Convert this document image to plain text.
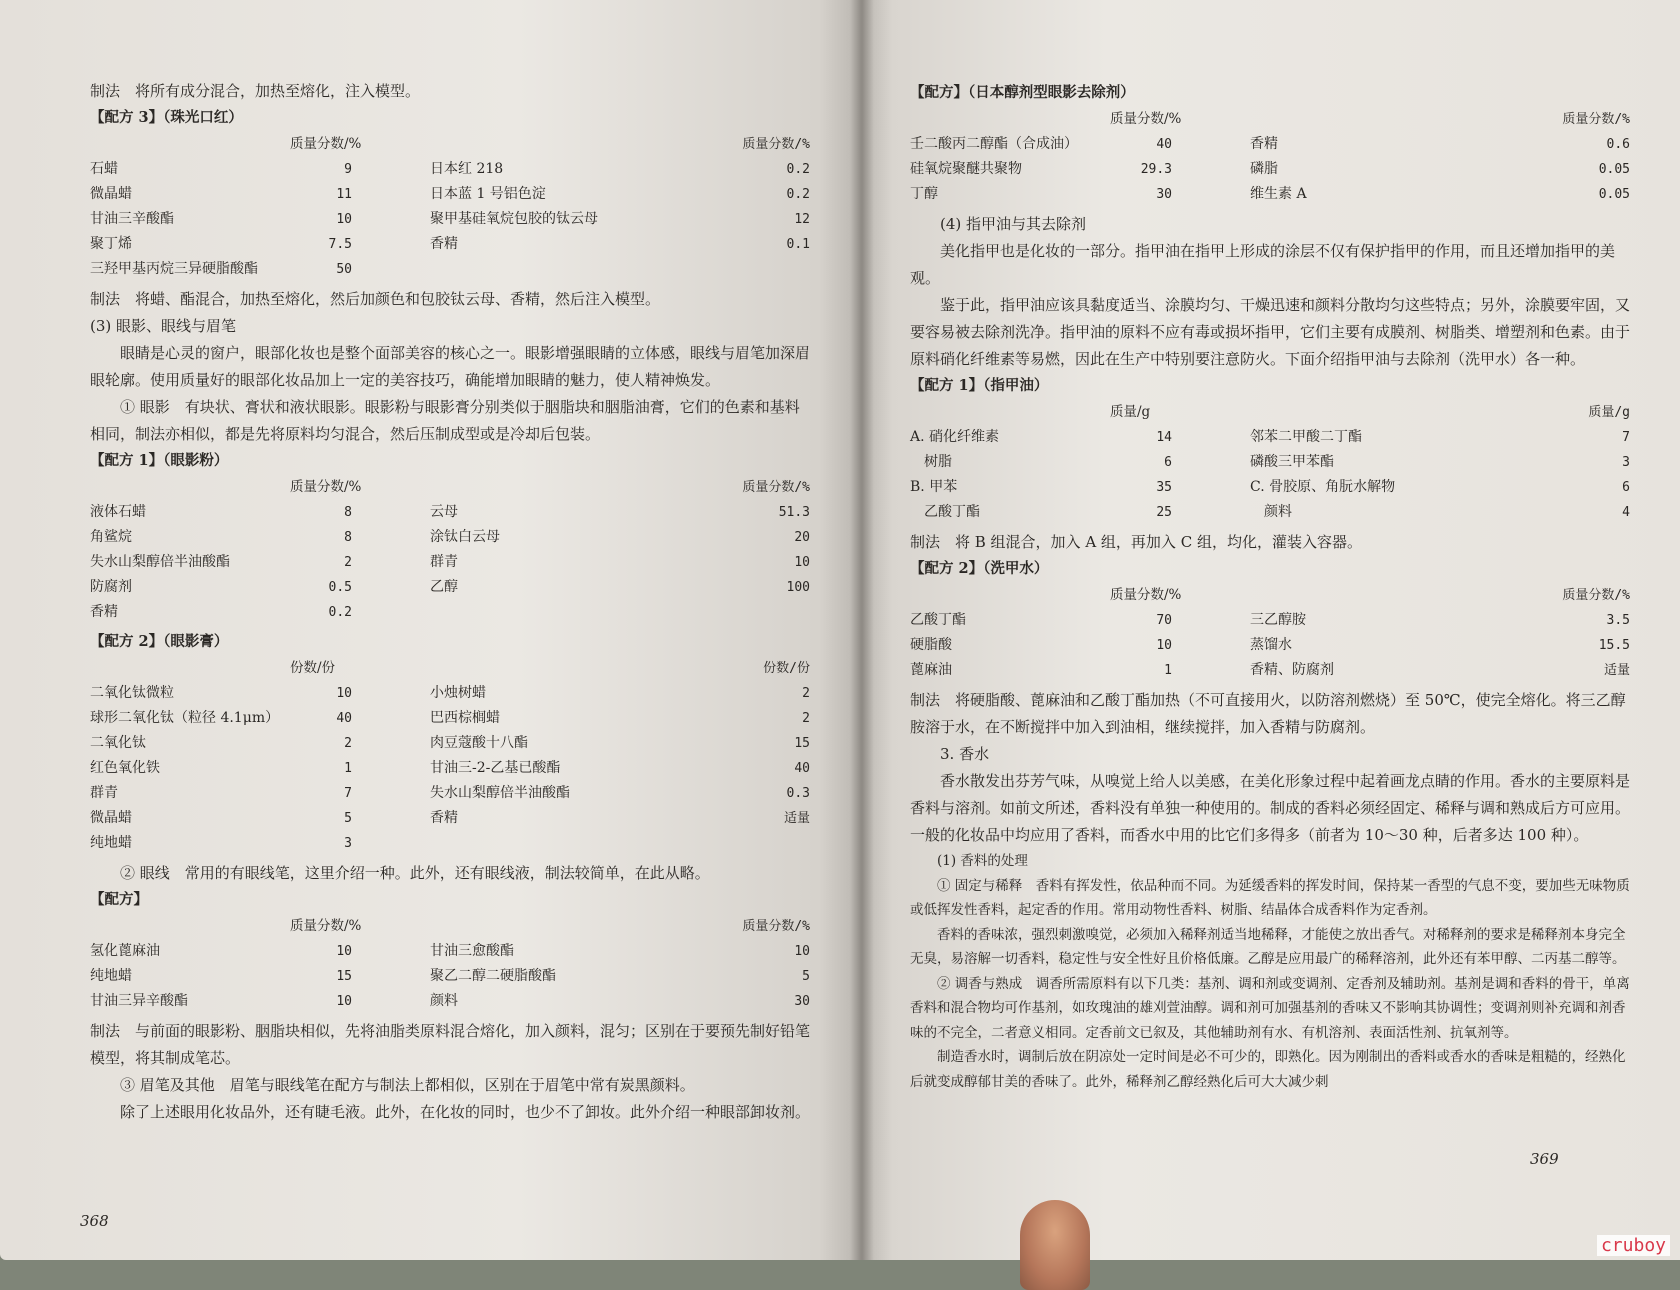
制法　将所有成分混合，加热至熔化，注入模型。

【配方 3】（珠光口红）

	质量分数/%		质量分数/%
石蜡	9	日本红 218	0.2
微晶蜡	11	日本蓝 1 号铝色淀	0.2
甘油三辛酸酯	10	聚甲基硅氧烷包胶的钛云母	12
聚丁烯	7.5	香精	0.1
三羟甲基丙烷三异硬脂酸酯	50		

制法　将蜡、酯混合，加热至熔化，然后加颜色和包胶钛云母、香精，然后注入模型。

(3) 眼影、眼线与眉笔

眼睛是心灵的窗户，眼部化妆也是整个面部美容的核心之一。眼影增强眼睛的立体感，眼线与眉笔加深眉眼轮廓。使用质量好的眼部化妆品加上一定的美容技巧，确能增加眼睛的魅力，使人精神焕发。

① 眼影　有块状、膏状和液状眼影。眼影粉与眼影膏分别类似于胭脂块和胭脂油膏，它们的色素和基料相同，制法亦相似，都是先将原料均匀混合，然后压制成型或是冷却后包装。

【配方 1】（眼影粉）

	质量分数/%		质量分数/%
液体石蜡	8	云母	51.3
角鲨烷	8	涂钛白云母	20
失水山梨醇倍半油酸酯	2	群青	10
防腐剂	0.5	乙醇	100
香精	0.2		

【配方 2】（眼影膏）

	份数/份		份数/份
二氧化钛微粒	10	小烛树蜡	2
球形二氧化钛（粒径 4.1μm）	40	巴西棕榈蜡	2
二氧化钛	2	肉豆蔻酸十八酯	15
红色氧化铁	1	甘油三-2-乙基已酸酯	40
群青	7	失水山梨醇倍半油酸酯	0.3
微晶蜡	5	香精	适量
纯地蜡	3		

② 眼线　常用的有眼线笔，这里介绍一种。此外，还有眼线液，制法较简单，在此从略。

【配方】

	质量分数/%		质量分数/%
氢化蓖麻油	10	甘油三愈酸酯	10
纯地蜡	15	聚乙二醇二硬脂酸酯	5
甘油三异辛酸酯	10	颜料	30

制法　与前面的眼影粉、胭脂块相似，先将油脂类原料混合熔化，加入颜料，混匀；区别在于要预先制好铅笔模型，将其制成笔芯。

③ 眉笔及其他　眉笔与眼线笔在配方与制法上都相似，区别在于眉笔中常有炭黑颜料。

除了上述眼用化妆品外，还有睫毛液。此外，在化妆的同时，也少不了卸妆。此外介绍一种眼部卸妆剂。

368

【配方】（日本醇剂型眼影去除剂）

	质量分数/%		质量分数/%
壬二酸丙二醇酯（合成油）	40	香精	0.6
硅氧烷聚醚共聚物	29.3	磷脂	0.05
丁醇	30	维生素 A	0.05

(4) 指甲油与其去除剂

美化指甲也是化妆的一部分。指甲油在指甲上形成的涂层不仅有保护指甲的作用，而且还增加指甲的美观。

鉴于此，指甲油应该具黏度适当、涂膜均匀、干燥迅速和颜料分散均匀这些特点；另外，涂膜要牢固，又要容易被去除剂洗净。指甲油的原料不应有毒或损坏指甲，它们主要有成膜剂、树脂类、增塑剂和色素。由于原料硝化纤维素等易燃，因此在生产中特别要注意防火。下面介绍指甲油与去除剂（洗甲水）各一种。

【配方 1】（指甲油）

	质量/g		质量/g
A. 硝化纤维素	14	邻苯二甲酸二丁酯	7
　树脂	6	磷酸三甲苯酯	3
B. 甲苯	35	C. 骨胶原、角朊水解物	6
　乙酸丁酯	25	　颜料	4

制法　将 B 组混合，加入 A 组，再加入 C 组，均化，灌装入容器。

【配方 2】（洗甲水）

	质量分数/%		质量分数/%
乙酸丁酯	70	三乙醇胺	3.5
硬脂酸	10	蒸馏水	15.5
蓖麻油	1	香精、防腐剂	适量

制法　将硬脂酸、蓖麻油和乙酸丁酯加热（不可直接用火，以防溶剂燃烧）至 50℃，使完全熔化。将三乙醇胺溶于水，在不断搅拌中加入到油相，继续搅拌，加入香精与防腐剂。

3. 香水

香水散发出芬芳气味，从嗅觉上给人以美感，在美化形象过程中起着画龙点睛的作用。香水的主要原料是香料与溶剂。如前文所述，香料没有单独一种使用的。制成的香料必须经固定、稀释与调和熟成后方可应用。一般的化妆品中均应用了香料，而香水中用的比它们多得多（前者为 10～30 种，后者多达 100 种）。

(1) 香料的处理

① 固定与稀释　香料有挥发性，依品种而不同。为延缓香料的挥发时间，保持某一香型的气息不变，要加些无味物质或低挥发性香料，起定香的作用。常用动物性香料、树脂、结晶体合成香料作为定香剂。

香料的香味浓，强烈刺激嗅觉，必须加入稀释剂适当地稀释，才能使之放出香气。对稀释剂的要求是稀释剂本身完全无臭，易溶解一切香料，稳定性与安全性好且价格低廉。乙醇是应用最广的稀释溶剂，此外还有苯甲醇、二丙基二醇等。

② 调香与熟成　调香所需原料有以下几类：基剂、调和剂或变调剂、定香剂及辅助剂。基剂是调和香料的骨干，单离香料和混合物均可作基剂，如玫瑰油的雄刈萱油醇。调和剂可加强基剂的香味又不影响其协调性；变调剂则补充调和剂香味的不完全，二者意义相同。定香前文已叙及，其他辅助剂有水、有机溶剂、表面活性剂、抗氧剂等。

制造香水时，调制后放在阴凉处一定时间是必不可少的，即熟化。因为刚制出的香料或香水的香味是粗糙的，经熟化后就变成醇郁甘美的香味了。此外，稀释剂乙醇经熟化后可大大减少刺

369
cruboy
